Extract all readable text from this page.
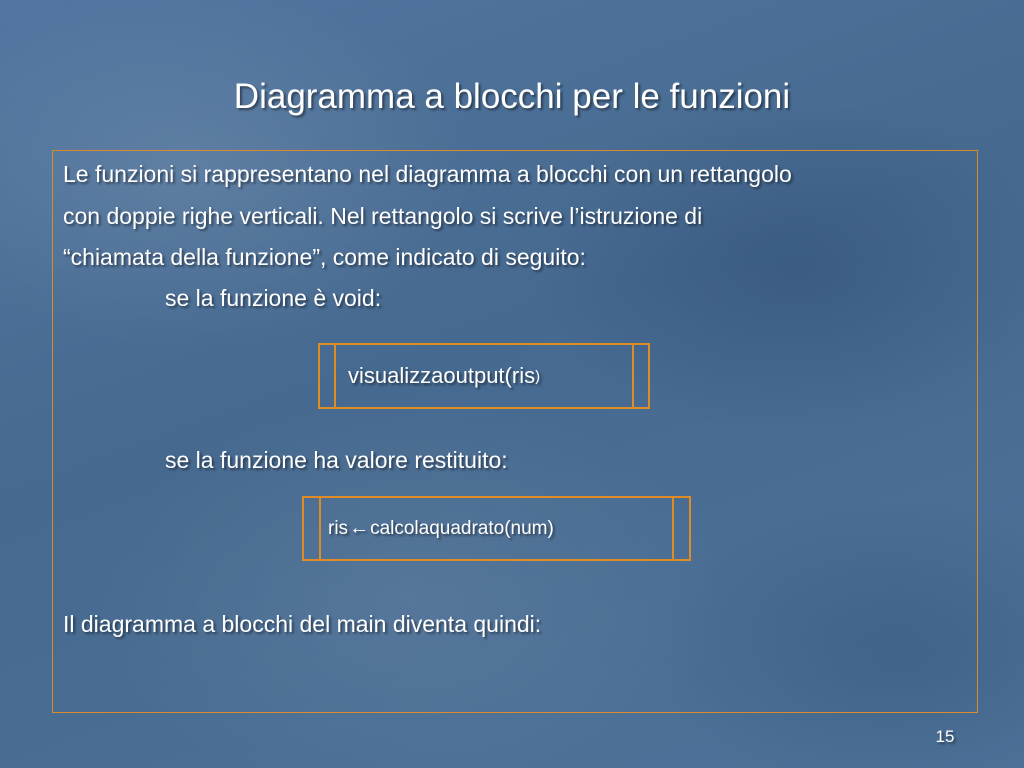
Diagramma a blocchi per le funzioni
Le funzioni si rappresentano nel diagramma a blocchi con un rettangolo
con doppie righe verticali. Nel rettangolo si scrive l’istruzione di
“chiamata della funzione”, come indicato di seguito:
se la funzione è void:
visualizzaoutput(ris )
se la funzione ha valore restituito:
ris ← calcolaquadrato(num)
Il diagramma a blocchi del main diventa quindi:
15
